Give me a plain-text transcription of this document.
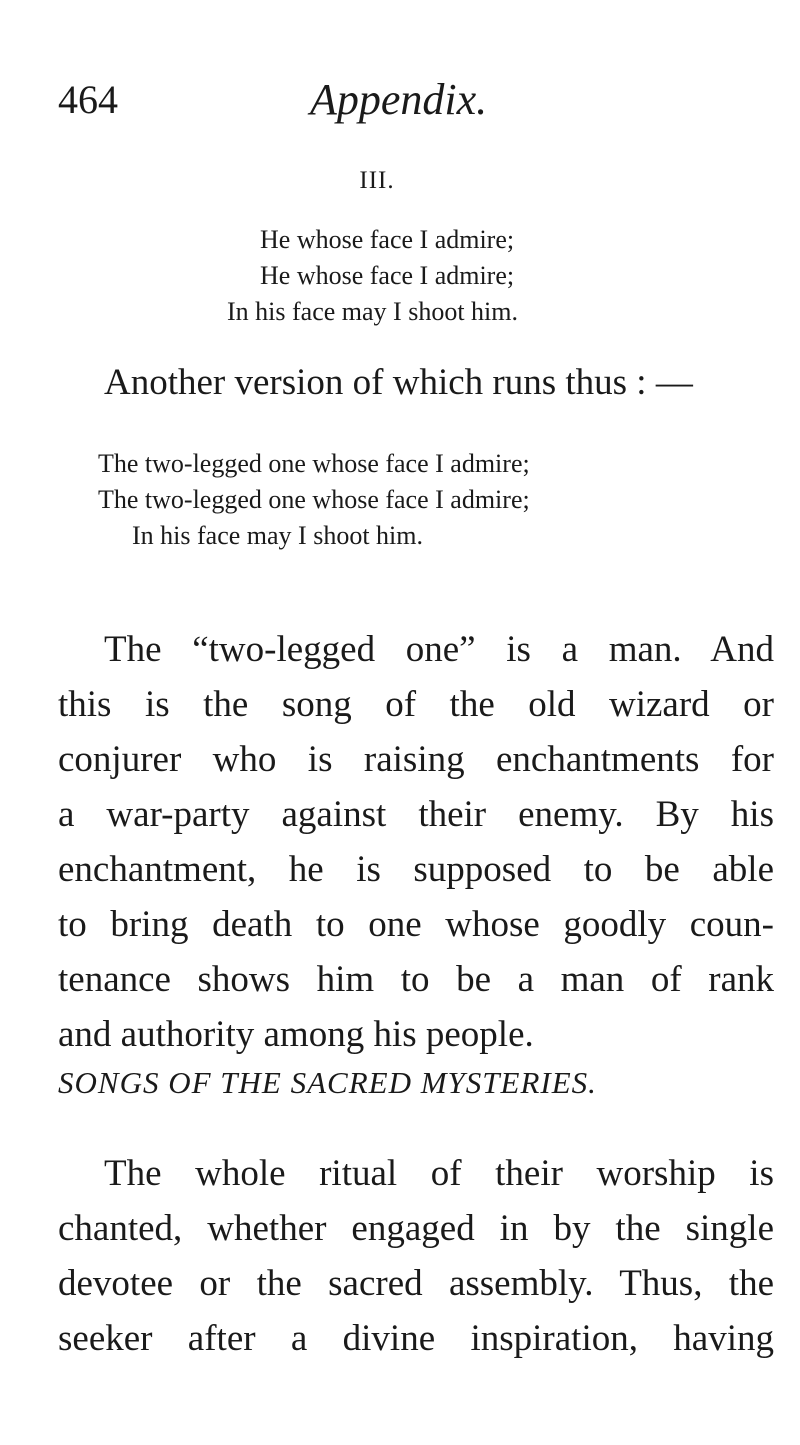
464	Appendix.
III.
He whose face I admire;
He whose face I admire;
In his face may I shoot him.
Another version of which runs thus : —
The two-legged one whose face I admire;
The two-legged one whose face I admire;
In his face may I shoot him.
The “two-legged one” is a man. And
this is the song of the old wizard or
conjurer who is raising enchantments for
a war-party against their enemy. By his
enchantment, he is supposed to be able
to bring death to one whose goodly coun-
tenance shows him to be a man of rank
and authority among his people.
SONGS OF THE SACRED MYSTERIES.
The whole ritual of their worship is
chanted, whether engaged in by the single
devotee or the sacred assembly. Thus, the
seeker after a divine inspiration, having
